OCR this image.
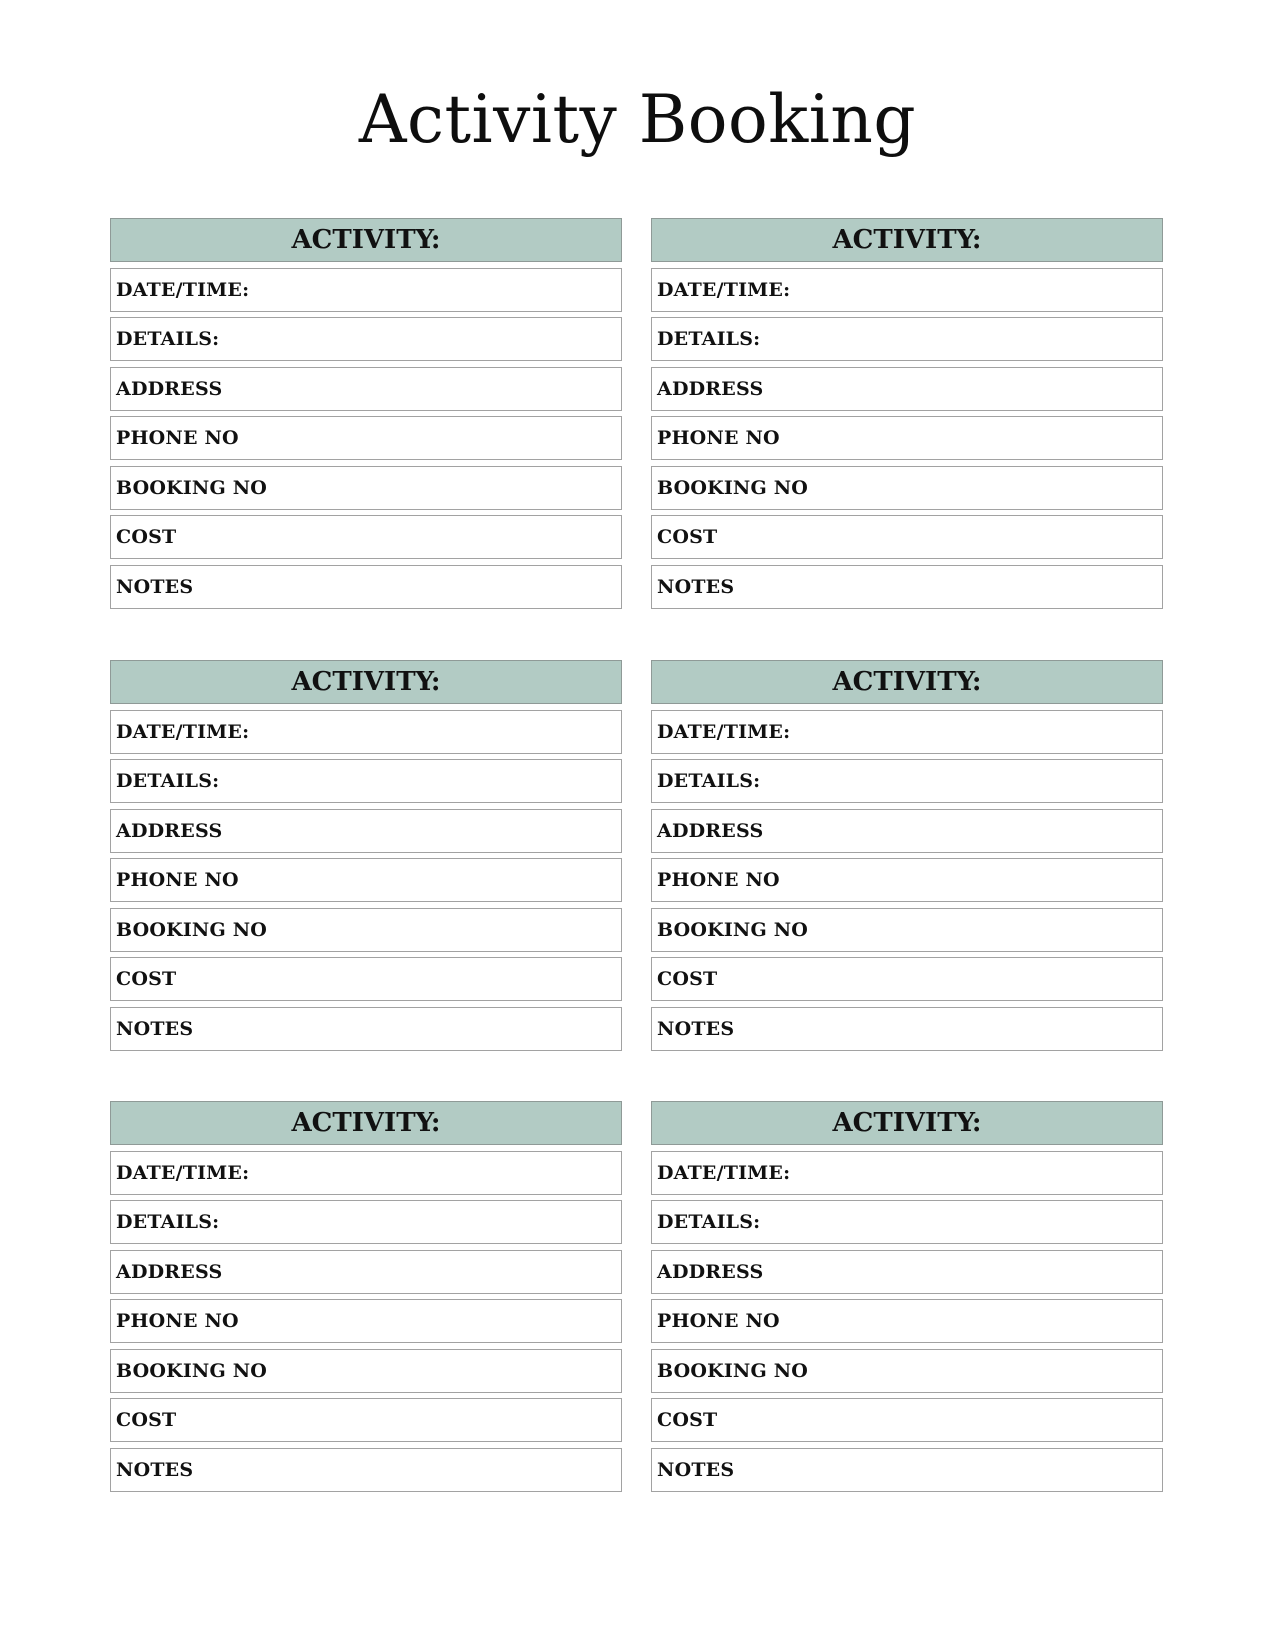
Activity Booking
ACTIVITY:
DATE/TIME:
DETAILS:
ADDRESS
PHONE NO
BOOKING NO
COST
NOTES
ACTIVITY:
DATE/TIME:
DETAILS:
ADDRESS
PHONE NO
BOOKING NO
COST
NOTES
ACTIVITY:
DATE/TIME:
DETAILS:
ADDRESS
PHONE NO
BOOKING NO
COST
NOTES
ACTIVITY:
DATE/TIME:
DETAILS:
ADDRESS
PHONE NO
BOOKING NO
COST
NOTES
ACTIVITY:
DATE/TIME:
DETAILS:
ADDRESS
PHONE NO
BOOKING NO
COST
NOTES
ACTIVITY:
DATE/TIME:
DETAILS:
ADDRESS
PHONE NO
BOOKING NO
COST
NOTES
